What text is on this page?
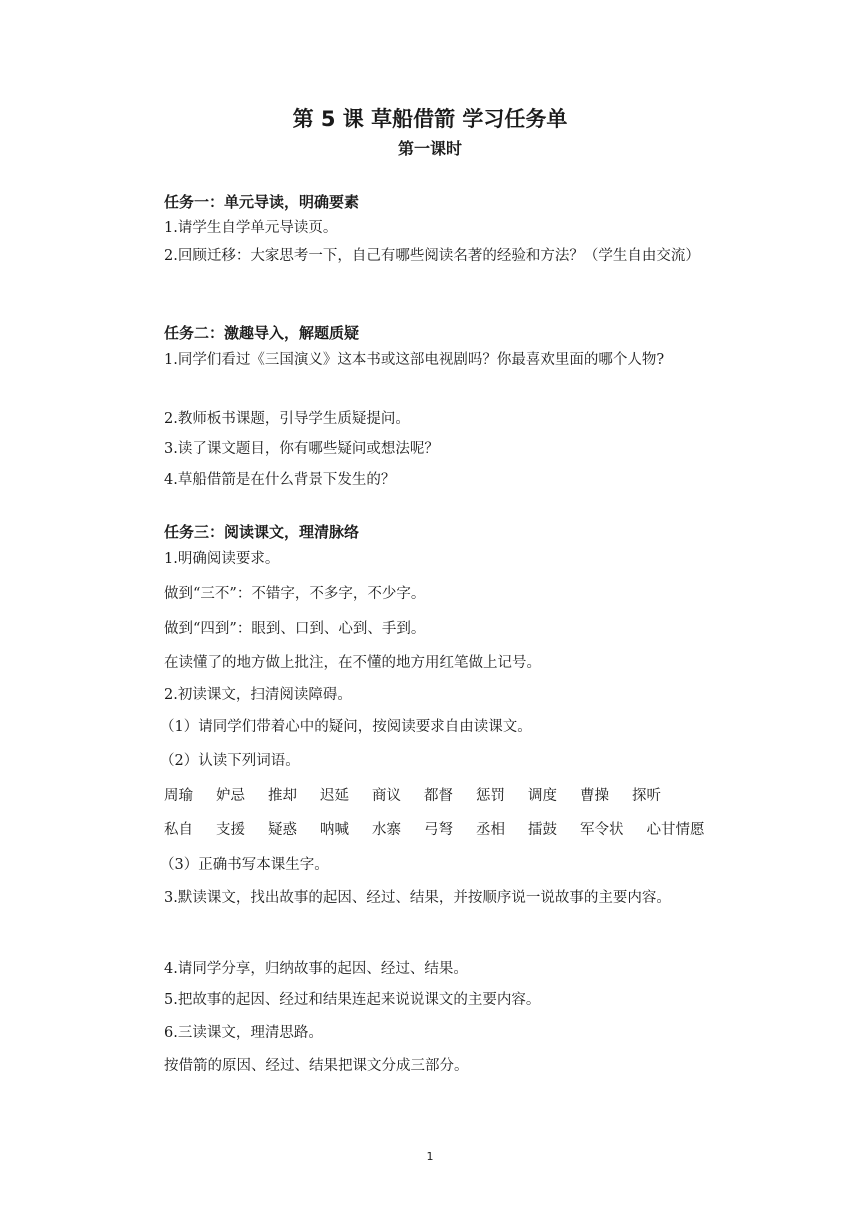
第 5 课 草船借箭 学习任务单
第一课时
任务一：单元导读，明确要素
1.请学生自学单元导读页。
2.回顾迁移：大家思考一下，自己有哪些阅读名著的经验和方法？（学生自由交流）
任务二：激趣导入，解题质疑
1.同学们看过《三国演义》这本书或这部电视剧吗？你最喜欢里面的哪个人物?
2.教师板书课题，引导学生质疑提问。
3.读了课文题目，你有哪些疑问或想法呢？
4.草船借箭是在什么背景下发生的？
任务三：阅读课文，理清脉络
1.明确阅读要求。
做到“三不”：不错字，不多字，不少字。
做到“四到”：眼到、口到、心到、手到。
在读懂了的地方做上批注，在不懂的地方用红笔做上记号。
2.初读课文，扫清阅读障碍。
（1）请同学们带着心中的疑问，按阅读要求自由读课文。
（2）认读下列词语。
周瑜 妒忌 推却 迟延 商议 都督 惩罚 调度 曹操 探听
私自 支援 疑惑 呐喊 水寨 弓弩 丞相 擂鼓 军令状 心甘情愿
（3）正确书写本课生字。
3.默读课文，找出故事的起因、经过、结果，并按顺序说一说故事的主要内容。
4.请同学分享，归纳故事的起因、经过、结果。
5.把故事的起因、经过和结果连起来说说课文的主要内容。
6.三读课文，理清思路。
按借箭的原因、经过、结果把课文分成三部分。
1
